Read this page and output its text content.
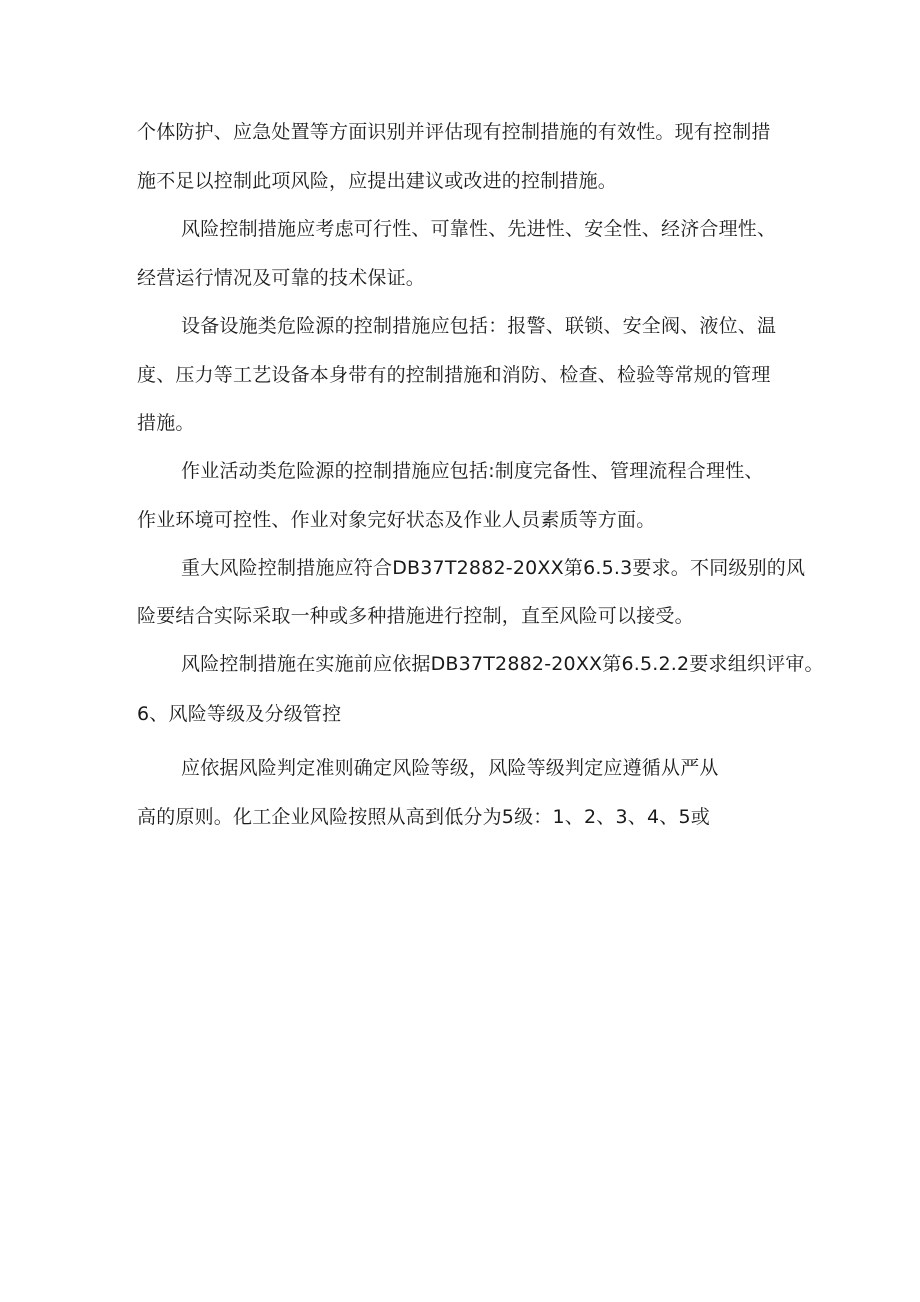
个体防护、应急处置等方面识别并评估现有控制措施的有效性。现有控制措
施不足以控制此项风险，应提出建议或改进的控制措施。
风险控制措施应考虑可行性、可靠性、先进性、安全性、经济合理性、
经营运行情况及可靠的技术保证。
设备设施类危险源的控制措施应包括：报警、联锁、安全阀、液位、温
度、压力等工艺设备本身带有的控制措施和消防、检查、检验等常规的管理
措施。
作业活动类危险源的控制措施应包括:制度完备性、管理流程合理性、
作业环境可控性、作业对象完好状态及作业人员素质等方面。
重大风险控制措施应符合DB37T2882-20XX第6.5.3要求。不同级别的风
险要结合实际采取一种或多种措施进行控制，直至风险可以接受。
风险控制措施在实施前应依据DB37T2882-20XX第6.5.2.2要求组织评审。
6、风险等级及分级管控
应依据风险判定准则确定风险等级，风险等级判定应遵循从严从
高的原则。化工企业风险按照从高到低分为5级：1、2、3、4、5或
